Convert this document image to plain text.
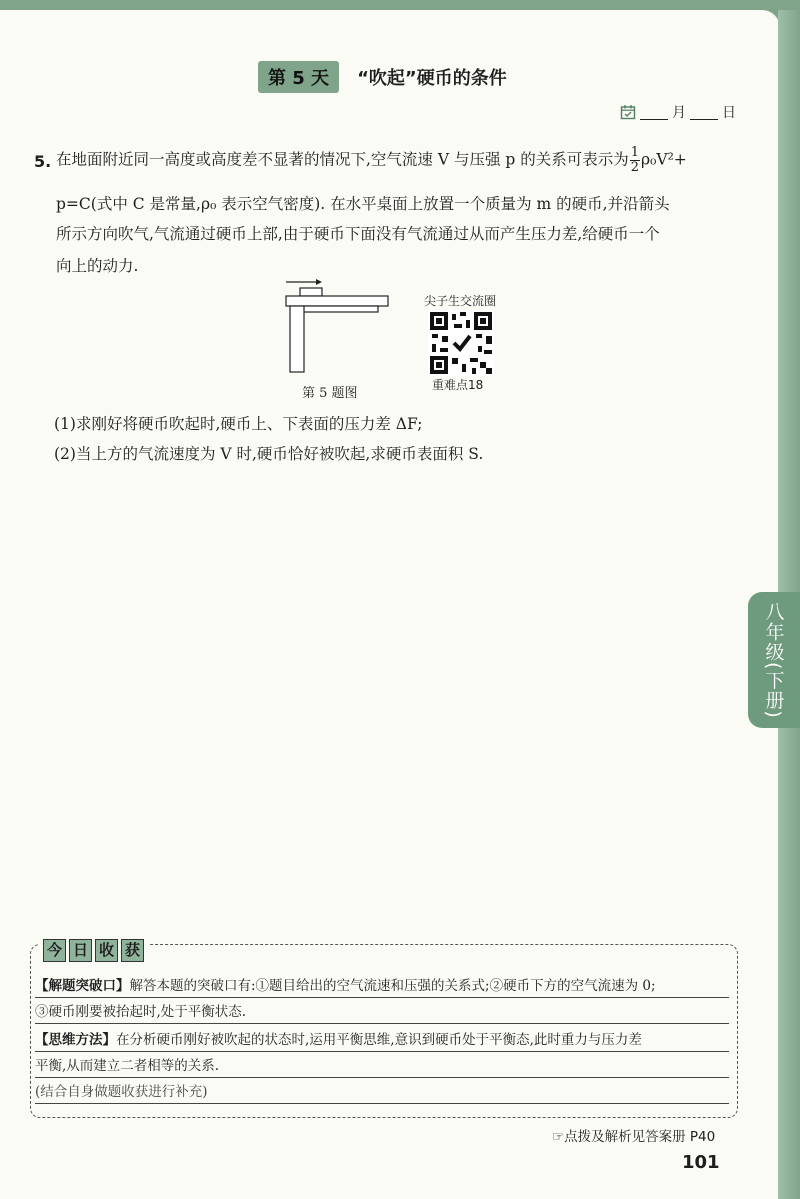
八年级(下册)
第 5 天	“吹起”硬币的条件
月	日
5. 在地面附近同一高度或高度差不显著的情况下,空气流速 V 与压强 p 的关系可表示为 $\frac{1}{2} \rho_0V^2+$
p=C(式中 C 是常量,ρ₀ 表示空气密度). 在水平桌面上放置一个质量为 m 的硬币,并沿箭头
所示方向吹气,气流通过硬币上部,由于硬币下面没有气流通过从而产生压力差,给硬币一个
向上的动力.
第 5 题图
尖子生交流圈
重难点18
(1)求刚好将硬币吹起时,硬币上、下表面的压力差 ΔF;
(2)当上方的气流速度为 V 时,硬币恰好被吹起,求硬币表面积 S.
今 日 收 获
【解题突破口】解答本题的突破口有:①题目给出的空气流速和压强的关系式;②硬币下方的空气流速为 0;
③硬币刚要被抬起时,处于平衡状态.
【思维方法】在分析硬币刚好被吹起的状态时,运用平衡思维,意识到硬币处于平衡态,此时重力与压力差
平衡,从而建立二者相等的关系.
(结合自身做题收获进行补充)
☞点拨及解析见答案册 P40
101
